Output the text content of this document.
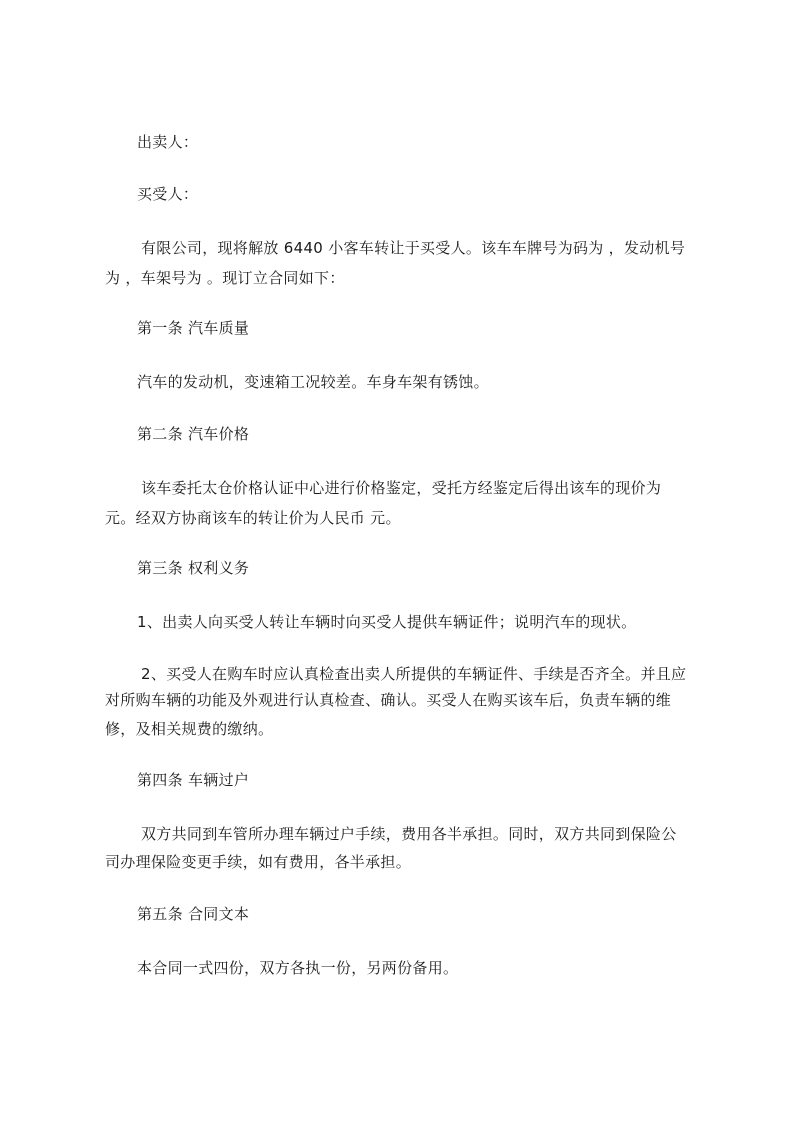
出卖人：

买受人：

有限公司，现将解放 6440 小客车转让于买受人。该车车牌号为码为 ，发动机号

为 ，车架号为 。现订立合同如下：

第一条 汽车质量

汽车的发动机，变速箱工况较差。车身车架有锈蚀。

第二条 汽车价格

该车委托太仓价格认证中心进行价格鉴定，受托方经鉴定后得出该车的现价为

元。经双方协商该车的转让价为人民币 元。

第三条 权利义务

1、出卖人向买受人转让车辆时向买受人提供车辆证件；说明汽车的现状。

2、买受人在购车时应认真检查出卖人所提供的车辆证件、手续是否齐全。并且应

对所购车辆的功能及外观进行认真检查、确认。买受人在购买该车后，负责车辆的维

修，及相关规费的缴纳。

第四条 车辆过户

双方共同到车管所办理车辆过户手续，费用各半承担。同时，双方共同到保险公

司办理保险变更手续，如有费用，各半承担。

第五条 合同文本

本合同一式四份，双方各执一份，另两份备用。
